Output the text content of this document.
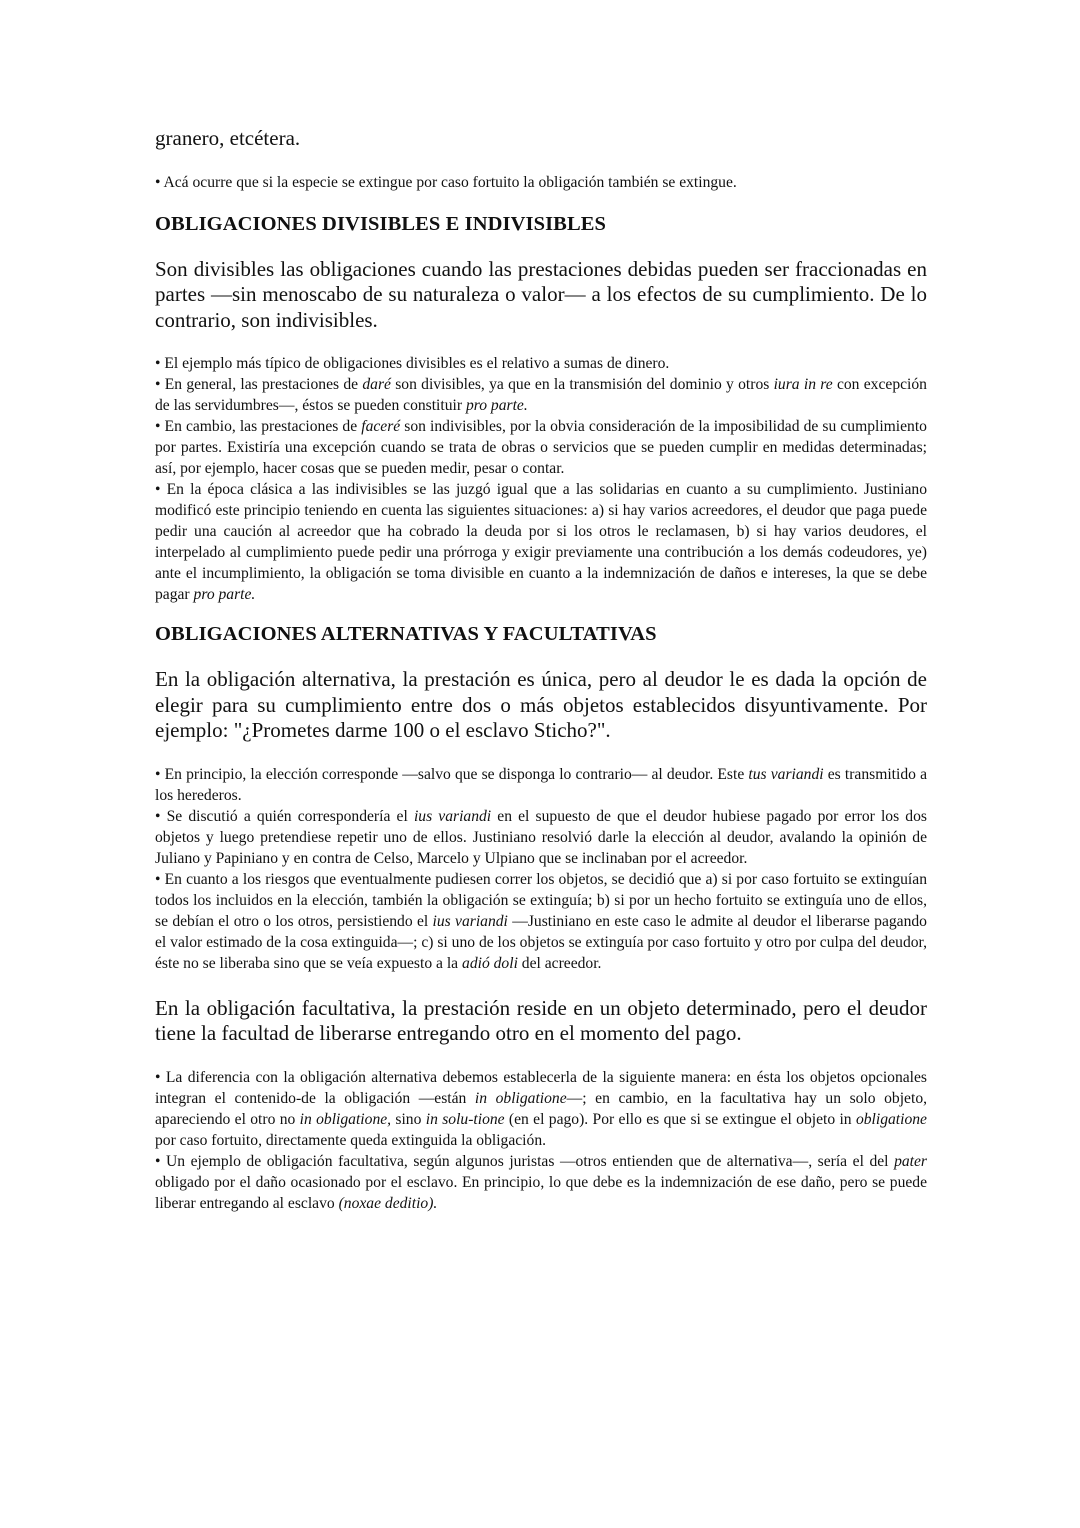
granero, etcétera.

• Acá ocurre que si la especie se extingue por caso fortuito la obligación también se extingue.

OBLIGACIONES DIVISIBLES E INDIVISIBLES

Son divisibles las obligaciones cuando las prestaciones debidas pueden ser fraccionadas en partes —sin menoscabo de su naturaleza o valor— a los efectos de su cumplimiento. De lo contrario, son indivisibles.

• El ejemplo más típico de obligaciones divisibles es el relativo a sumas de dinero.

• En general, las prestaciones de daré son divisibles, ya que en la transmisión del dominio y otros iura in re con excepción de las servidumbres—, éstos se pueden constituir pro parte.

• En cambio, las prestaciones de faceré son indivisibles, por la obvia consideración de la imposibilidad de su cumplimiento por partes. Existiría una excepción cuando se trata de obras o servicios que se pueden cumplir en medidas determinadas; así, por ejemplo, hacer cosas que se pueden medir, pesar o contar.

• En la época clásica a las indivisibles se las juzgó igual que a las solidarias en cuanto a su cumplimiento. Justiniano modificó este principio teniendo en cuenta las siguientes situaciones: a) si hay varios acreedores, el deudor que paga puede pedir una caución al acreedor que ha cobrado la deuda por si los otros le reclamasen, b) si hay varios deudores, el interpelado al cumplimiento puede pedir una prórroga y exigir previamente una contribución a los demás codeudores, ye) ante el incumplimiento, la obligación se toma divisible en cuanto a la indemnización de daños e intereses, la que se debe pagar pro parte.

OBLIGACIONES ALTERNATIVAS Y FACULTATIVAS

En la obligación alternativa, la prestación es única, pero al deudor le es dada la opción de elegir para su cumplimiento entre dos o más objetos establecidos disyuntivamente. Por ejemplo: "¿Prometes darme 100 o el esclavo Sticho?".

• En principio, la elección corresponde —salvo que se disponga lo contrario— al deudor. Este tus variandi es transmitido a los herederos.

• Se discutió a quién correspondería el ius variandi en el supuesto de que el deudor hubiese pagado por error los dos objetos y luego pretendiese repetir uno de ellos. Justiniano resolvió darle la elección al deudor, avalando la opinión de Juliano y Papiniano y en contra de Celso, Marcelo y Ulpiano que se inclinaban por el acreedor.

• En cuanto a los riesgos que eventualmente pudiesen correr los objetos, se decidió que a) si por caso fortuito se extinguían todos los incluidos en la elección, también la obligación se extinguía; b) si por un hecho fortuito se extinguía uno de ellos, se debían el otro o los otros, persistiendo el ius variandi —Justiniano en este caso le admite al deudor el liberarse pagando el valor estimado de la cosa extinguida—; c) si uno de los objetos se extinguía por caso fortuito y otro por culpa del deudor, éste no se liberaba sino que se veía expuesto a la adió doli del acreedor.

En la obligación facultativa, la prestación reside en un objeto determinado, pero el deudor tiene la facultad de liberarse entregando otro en el momento del pago.

• La diferencia con la obligación alternativa debemos establecerla de la siguiente manera: en ésta los objetos opcionales integran el contenido-de la obligación —están in obligatione—; en cambio, en la facultativa hay un solo objeto, apareciendo el otro no in obligatione, sino in solu-tione (en el pago). Por ello es que si se extingue el objeto in obligatione por caso fortuito, directamente queda extinguida la obligación.

• Un ejemplo de obligación facultativa, según algunos juristas —otros entienden que de alternativa—, sería el del pater obligado por el daño ocasionado por el esclavo. En principio, lo que debe es la indemnización de ese daño, pero se puede liberar entregando al esclavo (noxae deditio).
